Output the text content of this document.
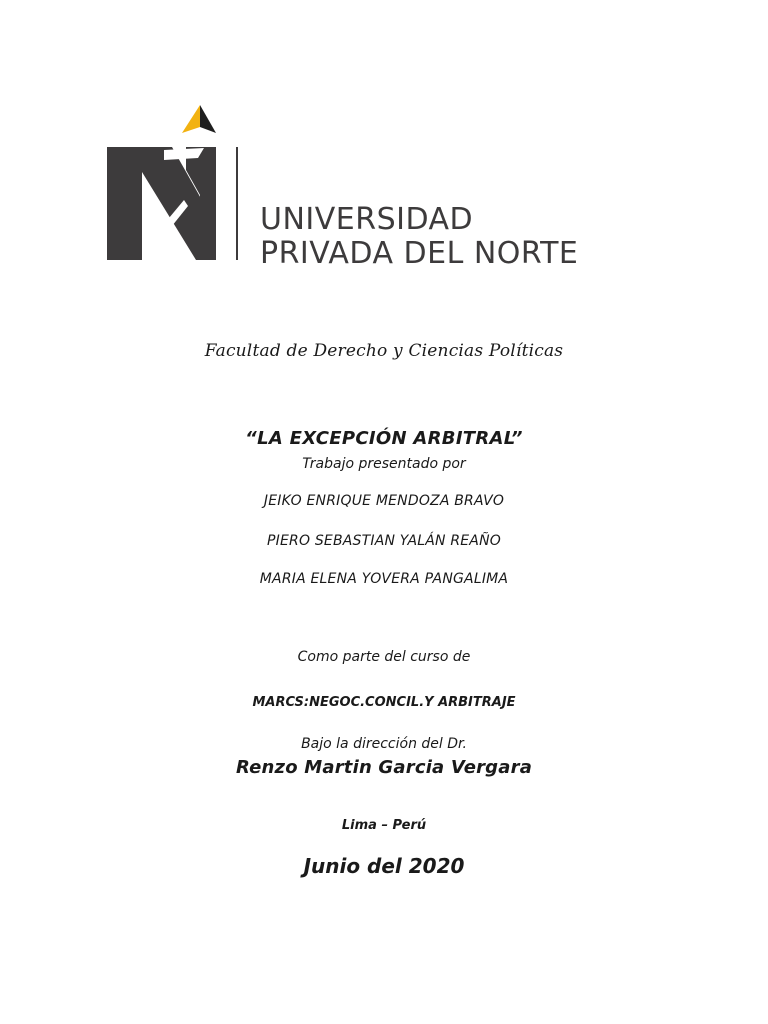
UNIVERSIDAD
PRIVADA DEL NORTE
Facultad de Derecho y Ciencias Políticas
“LA EXCEPCIÓN ARBITRAL”
Trabajo presentado por
JEIKO ENRIQUE MENDOZA BRAVO
PIERO SEBASTIAN YALÁN REAÑO
MARIA ELENA YOVERA PANGALIMA
Como parte del curso de
MARCS:NEGOC.CONCIL.Y ARBITRAJE
Bajo la dirección del Dr.
Renzo Martin Garcia Vergara
Lima – Perú
Junio del 2020
